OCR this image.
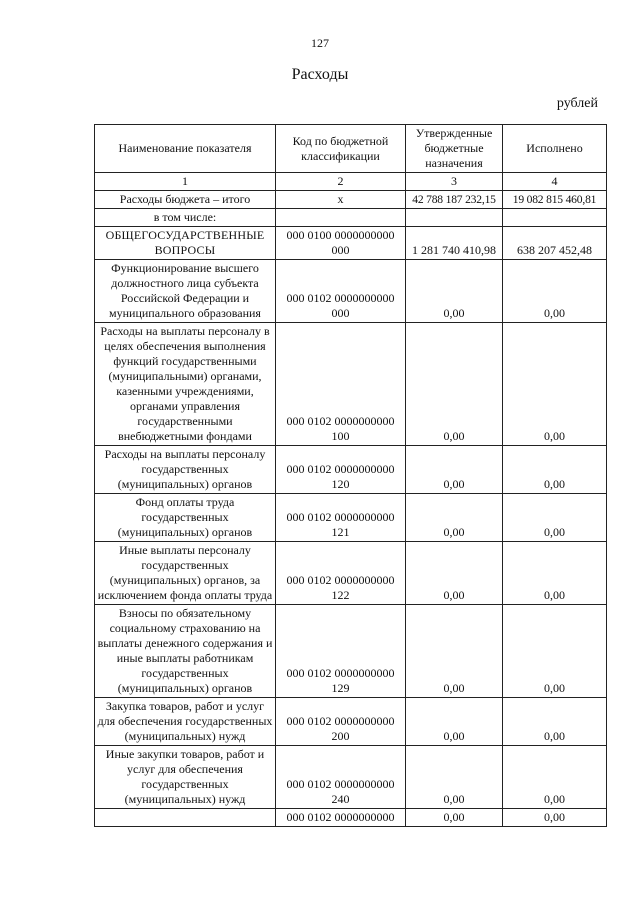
127
Расходы
рублей
Наименование показателя	Код по бюджетной классификации	Утвержденные бюджетные назначения	Исполнено
1	2	3	4
Расходы бюджета – итого	x	42 788 187 232,15	19 082 815 460,81
в том числе:			
ОБЩЕГОСУДАРСТВЕННЫЕ ВОПРОСЫ	000 0100 0000000000 000	1 281 740 410,98	638 207 452,48
Функционирование высшего должностного лица субъекта Российской Федерации и муниципального образования	000 0102 0000000000 000	0,00	0,00
Расходы на выплаты персоналу в целях обеспечения выполнения функций государственными (муниципальными) органами, казенными учреждениями, органами управления государственными внебюджетными фондами	000 0102 0000000000 100	0,00	0,00
Расходы на выплаты персоналу государственных (муниципальных) органов	000 0102 0000000000 120	0,00	0,00
Фонд оплаты труда государственных (муниципальных) органов	000 0102 0000000000 121	0,00	0,00
Иные выплаты персоналу государственных (муниципальных) органов, за исключением фонда оплаты труда	000 0102 0000000000 122	0,00	0,00
Взносы по обязательному социальному страхованию на выплаты денежного содержания и иные выплаты работникам государственных (муниципальных) органов	000 0102 0000000000 129	0,00	0,00
Закупка товаров, работ и услуг для обеспечения государственных (муниципальных) нужд	000 0102 0000000000 200	0,00	0,00
Иные закупки товаров, работ и услуг для обеспечения государственных (муниципальных) нужд	000 0102 0000000000 240	0,00	0,00
	000 0102 0000000000	0,00	0,00
